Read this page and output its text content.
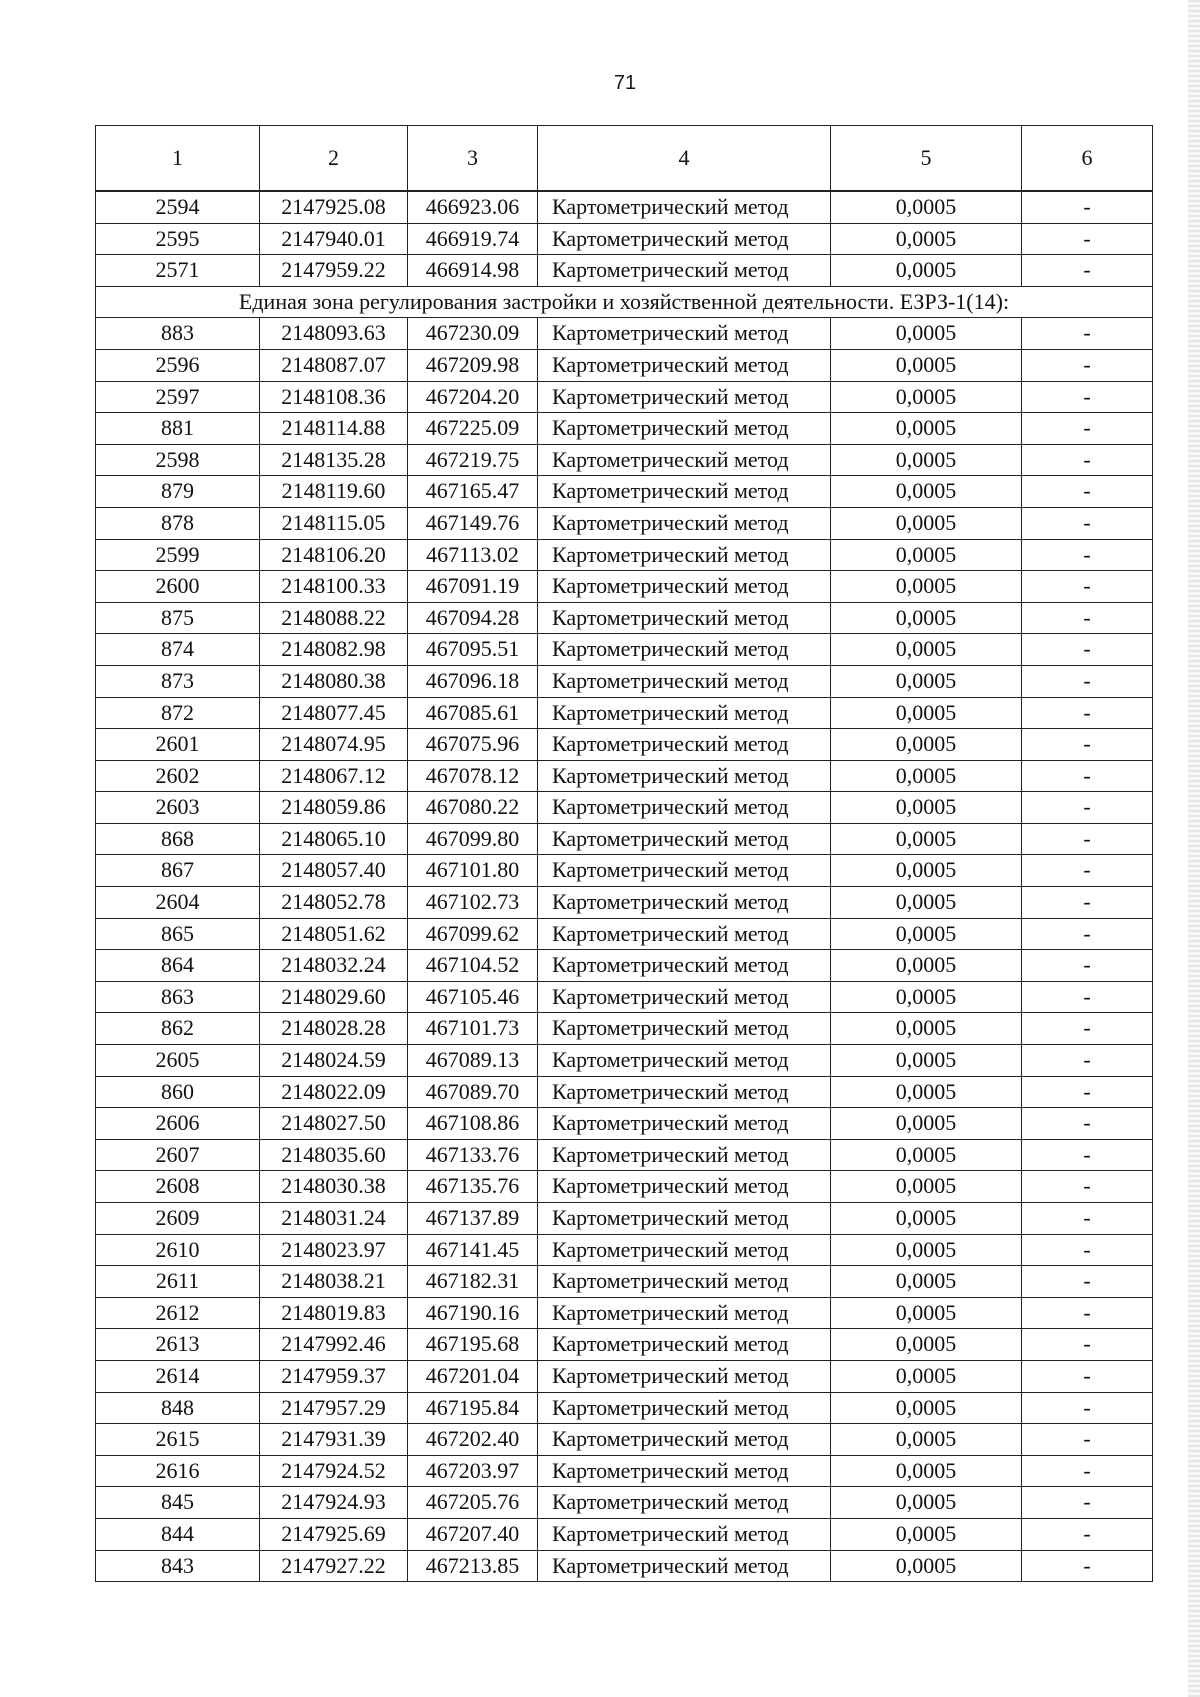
71
1	2	3	4	5	6
2594	2147925.08	466923.06	Картометрический метод	0,0005	-
2595	2147940.01	466919.74	Картометрический метод	0,0005	-
2571	2147959.22	466914.98	Картометрический метод	0,0005	-
Единая зона регулирования застройки и хозяйственной деятельности. ЕЗРЗ-1(14):					
883	2148093.63	467230.09	Картометрический метод	0,0005	-
2596	2148087.07	467209.98	Картометрический метод	0,0005	-
2597	2148108.36	467204.20	Картометрический метод	0,0005	-
881	2148114.88	467225.09	Картометрический метод	0,0005	-
2598	2148135.28	467219.75	Картометрический метод	0,0005	-
879	2148119.60	467165.47	Картометрический метод	0,0005	-
878	2148115.05	467149.76	Картометрический метод	0,0005	-
2599	2148106.20	467113.02	Картометрический метод	0,0005	-
2600	2148100.33	467091.19	Картометрический метод	0,0005	-
875	2148088.22	467094.28	Картометрический метод	0,0005	-
874	2148082.98	467095.51	Картометрический метод	0,0005	-
873	2148080.38	467096.18	Картометрический метод	0,0005	-
872	2148077.45	467085.61	Картометрический метод	0,0005	-
2601	2148074.95	467075.96	Картометрический метод	0,0005	-
2602	2148067.12	467078.12	Картометрический метод	0,0005	-
2603	2148059.86	467080.22	Картометрический метод	0,0005	-
868	2148065.10	467099.80	Картометрический метод	0,0005	-
867	2148057.40	467101.80	Картометрический метод	0,0005	-
2604	2148052.78	467102.73	Картометрический метод	0,0005	-
865	2148051.62	467099.62	Картометрический метод	0,0005	-
864	2148032.24	467104.52	Картометрический метод	0,0005	-
863	2148029.60	467105.46	Картометрический метод	0,0005	-
862	2148028.28	467101.73	Картометрический метод	0,0005	-
2605	2148024.59	467089.13	Картометрический метод	0,0005	-
860	2148022.09	467089.70	Картометрический метод	0,0005	-
2606	2148027.50	467108.86	Картометрический метод	0,0005	-
2607	2148035.60	467133.76	Картометрический метод	0,0005	-
2608	2148030.38	467135.76	Картометрический метод	0,0005	-
2609	2148031.24	467137.89	Картометрический метод	0,0005	-
2610	2148023.97	467141.45	Картометрический метод	0,0005	-
2611	2148038.21	467182.31	Картометрический метод	0,0005	-
2612	2148019.83	467190.16	Картометрический метод	0,0005	-
2613	2147992.46	467195.68	Картометрический метод	0,0005	-
2614	2147959.37	467201.04	Картометрический метод	0,0005	-
848	2147957.29	467195.84	Картометрический метод	0,0005	-
2615	2147931.39	467202.40	Картометрический метод	0,0005	-
2616	2147924.52	467203.97	Картометрический метод	0,0005	-
845	2147924.93	467205.76	Картометрический метод	0,0005	-
844	2147925.69	467207.40	Картометрический метод	0,0005	-
843	2147927.22	467213.85	Картометрический метод	0,0005	-
